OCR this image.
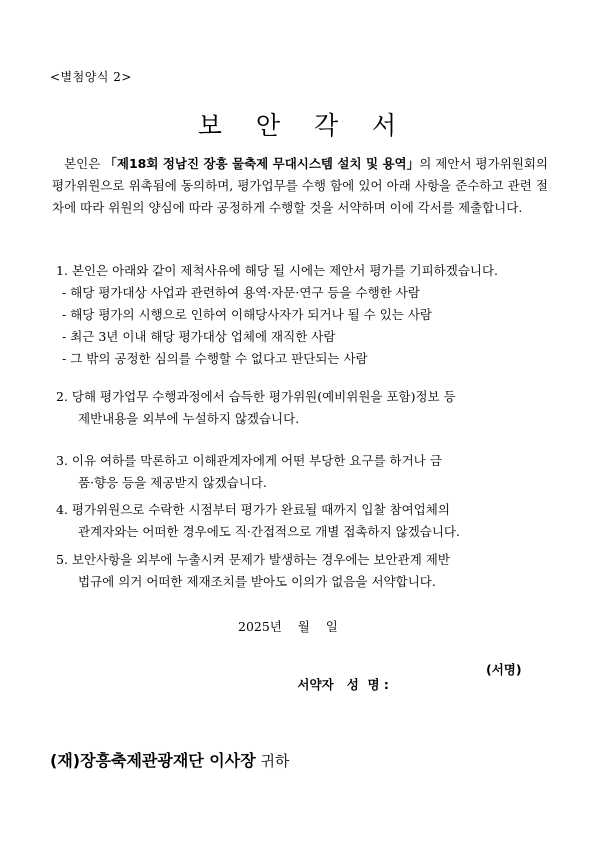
<별첨양식 2>
보 안 각 서
본인은 「제18회 정남진 장흥 물축제 무대시스템 설치 및 용역」의 제안서 평가위원회의 평가위원으로 위촉됨에 동의하며, 평가업무를 수행 함에 있어 아래 사항을 준수하고 관련 절차에 따라 위원의 양심에 따라 공정하게 수행할 것을 서약하며 이에 각서를 제출합니다.
1. 본인은 아래와 같이 제척사유에 해당 될 시에는 제안서 평가를 기피하겠습니다.
- 해당 평가대상 사업과 관련하여 용역·자문·연구 등을 수행한 사람
- 해당 평가의 시행으로 인하여 이해당사자가 되거나 될 수 있는 사람
- 최근 3년 이내 해당 평가대상 업체에 재직한 사람
- 그 밖의 공정한 심의를 수행할 수 없다고 판단되는 사람
2. 당해 평가업무 수행과정에서 습득한 평가위원(예비위원을 포함)정보 등
제반내용을 외부에 누설하지 않겠습니다.
3. 이유 여하를 막론하고 이해관계자에게 어떤 부당한 요구를 하거나 금
품·향응 등을 제공받지 않겠습니다.
4. 평가위원으로 수락한 시점부터 평가가 완료될 때까지 입찰 참여업체의
관계자와는 어떠한 경우에도 직·간접적으로 개별 접촉하지 않겠습니다.
5. 보안사항을 외부에 누출시켜 문제가 발생하는 경우에는 보안관계 제반
법규에 의거 어떠한 제재조치를 받아도 이의가 없음을 서약합니다.
2025년    월    일

서약자   성  명 :

(서명)

(재)장흥축제관광재단 이사장 귀하
